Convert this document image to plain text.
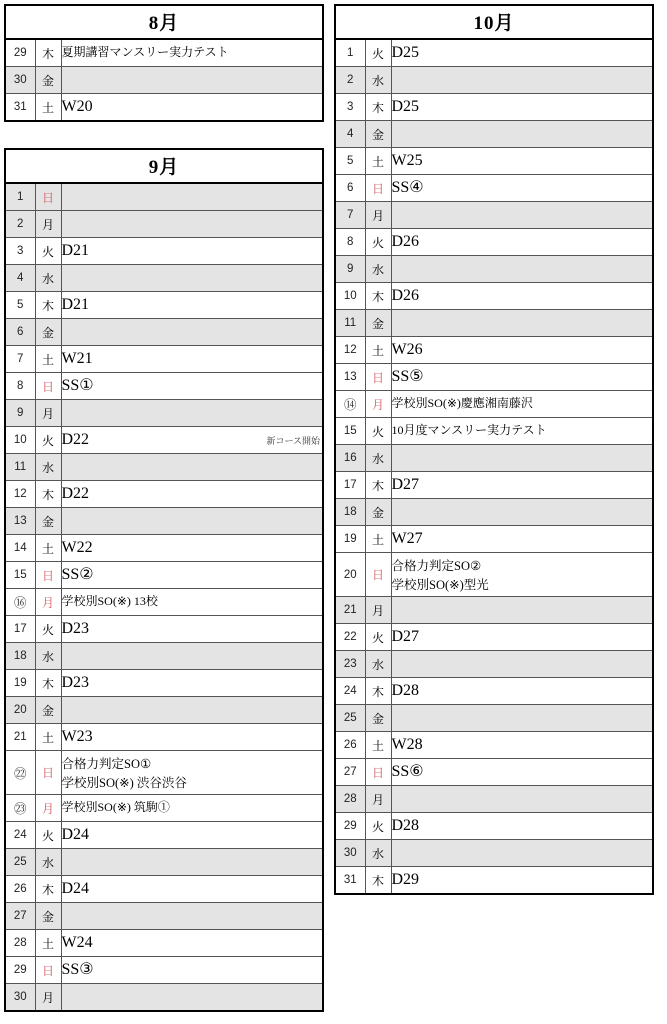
8月		
29	木	夏期講習マンスリー実力テスト

30	金	

31	土	W20
9月		
1	日	

2	月	

3	火	D21

4	水	

5	木	D21

6	金	

7	土	W21

8	日	SS①

9	月	

10	火	D22 新コース開始

11	水	

12	木	D22

13	金	

14	土	W22

15	日	SS②

⑯	月	学校別SO(※) 13校

17	火	D23

18	水	

19	木	D23

20	金	

21	土	W23

㉒	日	合格力判定SO①
学校別SO(※) 渋谷渋谷

㉓	月	学校別SO(※) 筑駒①

24	火	D24

25	水	

26	木	D24

27	金	

28	土	W24

29	日	SS③

30	月	
10月		
1	火	D25

2	水	

3	木	D25

4	金	

5	土	W25

6	日	SS④

7	月	

8	火	D26

9	水	

10	木	D26

11	金	

12	土	W26

13	日	SS⑤

⑭	月	学校別SO(※)慶應湘南藤沢

15	火	10月度マンスリー実力テスト

16	水	

17	木	D27

18	金	

19	土	W27

20	日	合格力判定SO②
学校別SO(※)型光

21	月	

22	火	D27

23	水	

24	木	D28

25	金	

26	土	W28

27	日	SS⑥

28	月	

29	火	D28

30	水	

31	木	D29
